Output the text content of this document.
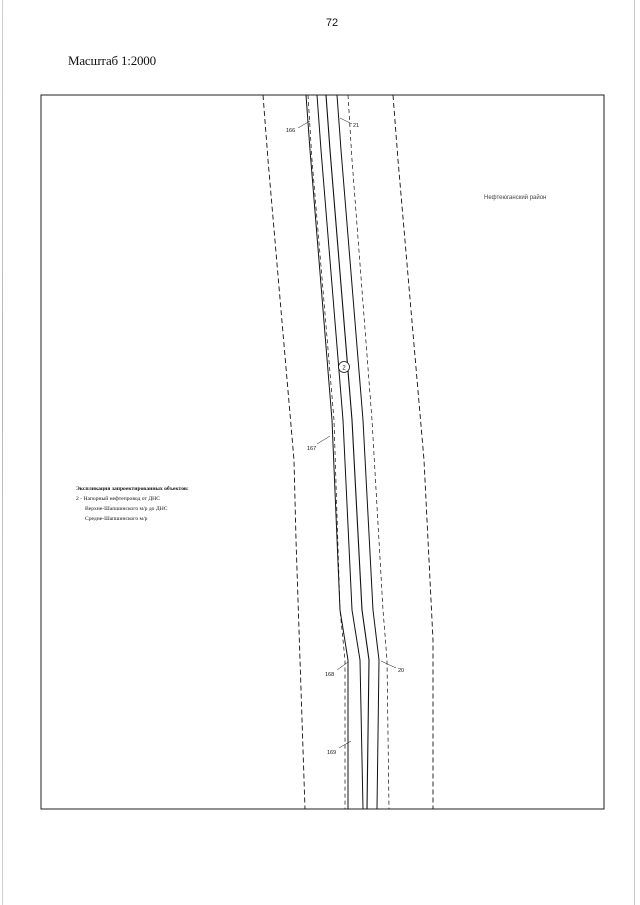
72
Масштаб 1:2000
Нефтеюганский район
2
166
21
167
168
20
169
Экспликация запроектированных объектов:
2 - Напорный нефтепровод от ДНС
Верхне-Шапшинского м/р до ДНС
Средне-Шапшинского м/р
